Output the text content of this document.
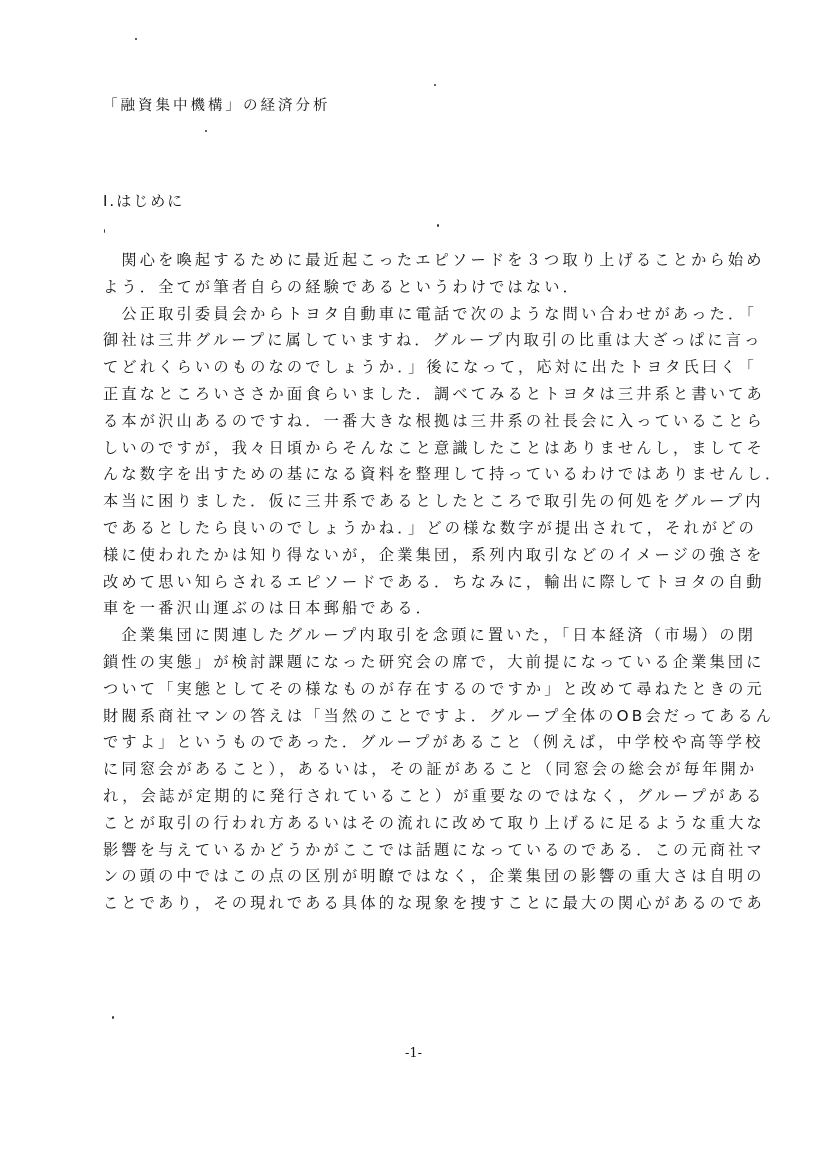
「融資集中機構」の経済分析
Ⅰ.はじめに
　関心を喚起するために最近起こったエピソードを３つ取り上げることから始め
よう．全てが筆者自らの経験であるというわけではない．
　公正取引委員会からトヨタ自動車に電話で次のような問い合わせがあった．「
御社は三井グループに属していますね．グループ内取引の比重は大ざっぱに言っ
てどれくらいのものなのでしょうか．」後になって，応対に出たトヨタ氏曰く「
正直なところいささか面食らいました．調べてみるとトヨタは三井系と書いてあ
る本が沢山あるのですね．一番大きな根拠は三井系の社長会に入っていることら
しいのですが，我々日頃からそんなこと意識したことはありませんし，ましてそ
んな数字を出すための基になる資料を整理して持っているわけではありませんし．
本当に困りました．仮に三井系であるとしたところで取引先の何処をグループ内
であるとしたら良いのでしょうかね．」どの様な数字が提出されて，それがどの
様に使われたかは知り得ないが，企業集団，系列内取引などのイメージの強さを
改めて思い知らされるエピソードである．ちなみに，輸出に際してトヨタの自動
車を一番沢山運ぶのは日本郵船である．
　企業集団に関連したグループ内取引を念頭に置いた，「日本経済（市場）の閉
鎖性の実態」が検討課題になった研究会の席で，大前提になっている企業集団に
ついて「実態としてその様なものが存在するのですか」と改めて尋ねたときの元
財閥系商社マンの答えは「当然のことですよ．グループ全体のOB会だってあるん
ですよ」というものであった．グループがあること（例えば，中学校や高等学校
に同窓会があること），あるいは，その証があること（同窓会の総会が毎年開か
れ，会誌が定期的に発行されていること）が重要なのではなく，グループがある
ことが取引の行われ方あるいはその流れに改めて取り上げるに足るような重大な
影響を与えているかどうかがここでは話題になっているのである．この元商社マ
ンの頭の中ではこの点の区別が明瞭ではなく，企業集団の影響の重大さは自明の
ことであり，その現れである具体的な現象を捜すことに最大の関心があるのであ
-1-
